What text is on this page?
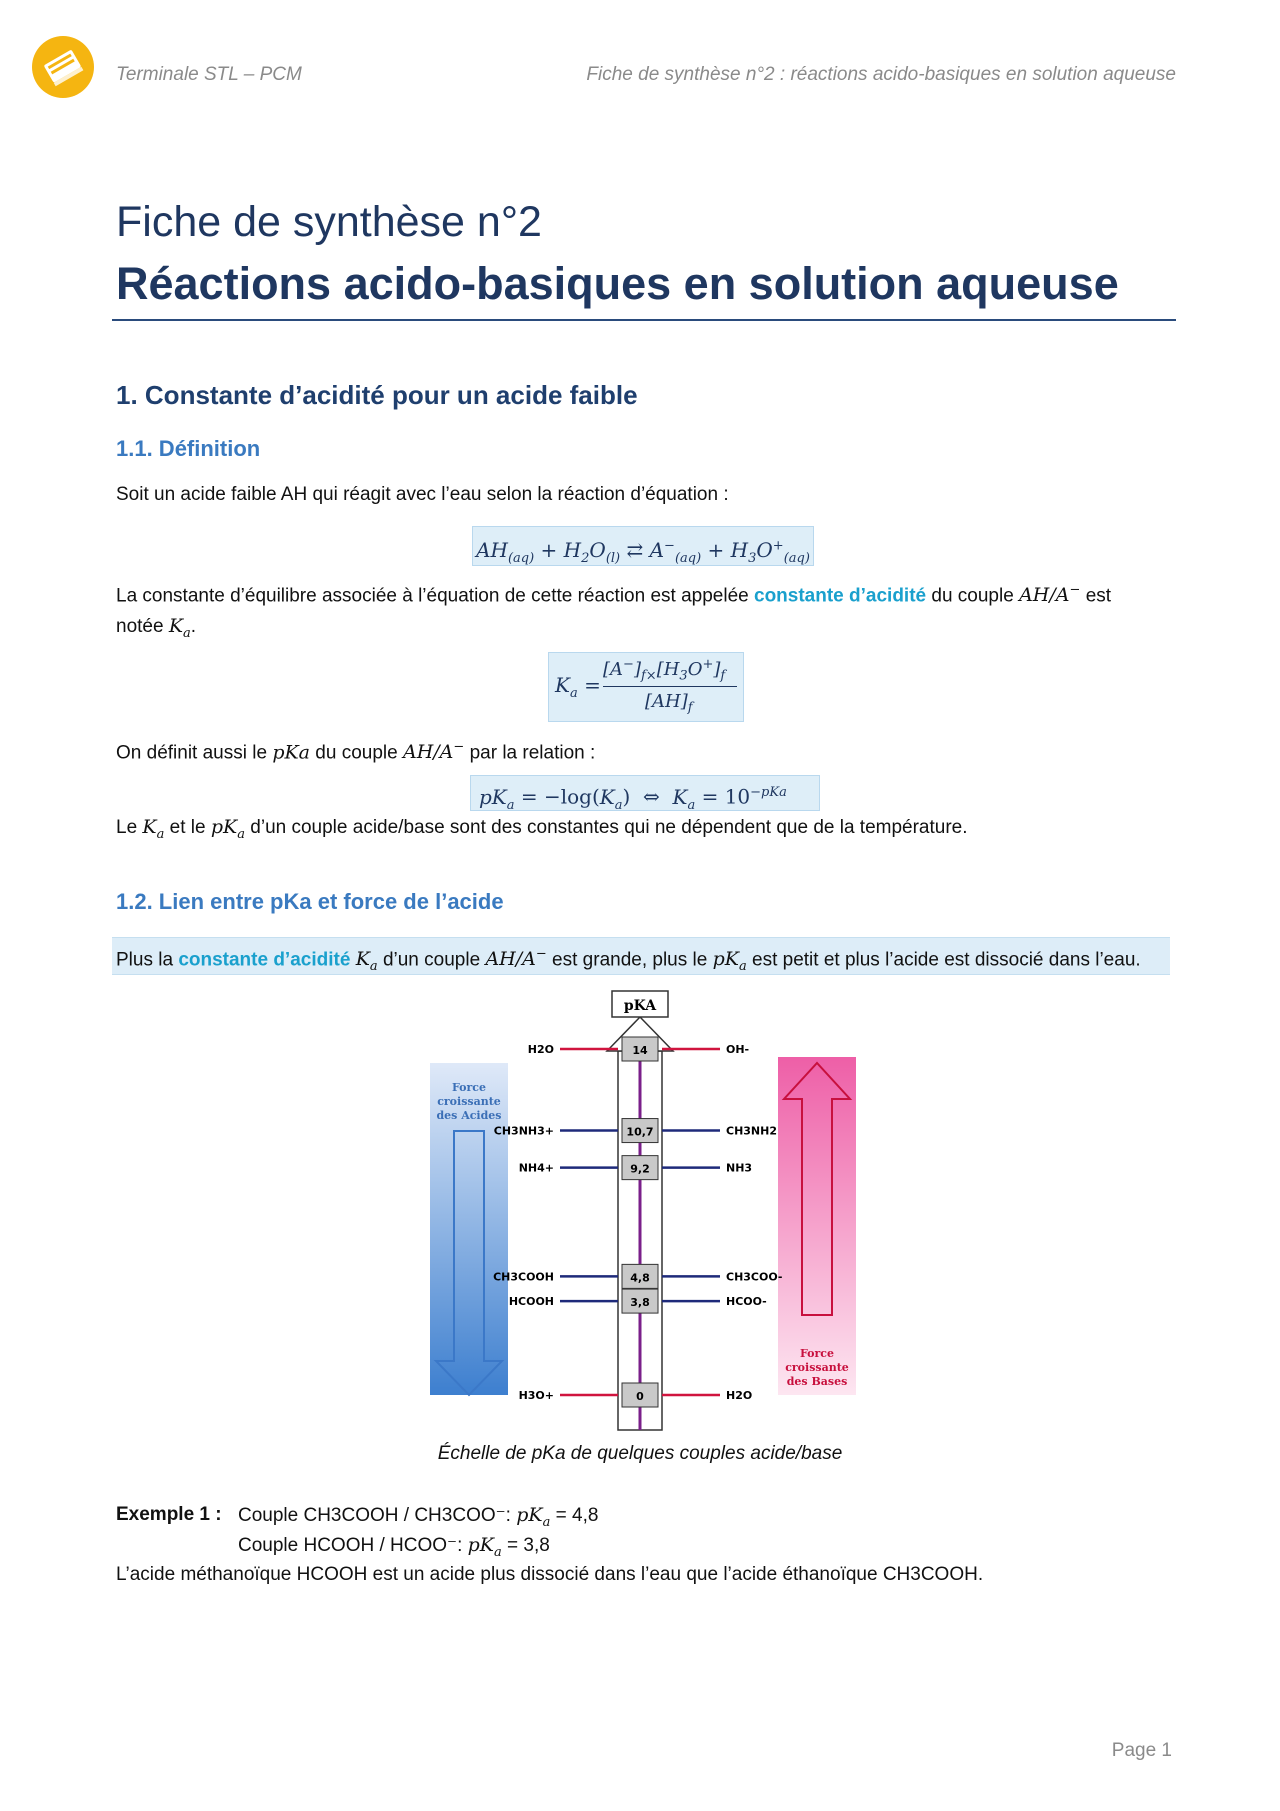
Terminale STL – PCM	Fiche de synthèse n°2 : réactions acido-basiques en solution aqueuse
Fiche de synthèse n°2
Réactions acido-basiques en solution aqueuse
1. Constante d’acidité pour un acide faible
1.1. Définition
Soit un acide faible AH qui réagit avec l’eau selon la réaction d’équation :
$AH_{(aq)} + H_2O_{(l)}$ ⇄ $A^-_{(aq)} + H_3O^+_{(aq)}$
La constante d’équilibre associée à l’équation de cette réaction est appelée constante d’acidité du couple AH/A− est
notée $K_a$.
$K_a$ =
$[A^-]_{f\times}[H_3O^+]_f$
$[AH]_f$
On définit aussi le pKa du couple AH/A− par la relation :
$pK_a = -\log(K_a)$  ⇔  $K_a = 10^{-pKa}$
Le $K_a$ et le $pK_a$ d’un couple acide/base sont des constantes qui ne dépendent que de la température.
1.2. Lien entre pKa et force de l’acide
Plus la constante d’acidité $K_a$ d’un couple AH/A− est grande, plus le $pK_a$ est petit et plus l’acide est dissocié dans l’eau.
Force
croissante
des Acides
Force
croissante
des Bases
pKA
14
H2O	OH-
10,7
CH3NH3+	CH3NH2
9,2
NH4+	NH3
4,8
CH3COOH	CH3COO-
3,8
HCOOH	HCOO-
0
H3O+	H2O
Échelle de pKa de quelques couples acide/base
Exemple 1 : Couple CH3COOH / CH3COO⁻: $pK_a = 4,8$
Couple HCOOH / HCOO⁻: $pK_a = 3,8$
L’acide méthanoïque HCOOH est un acide plus dissocié dans l’eau que l’acide éthanoïque CH3COOH.
Page 1
